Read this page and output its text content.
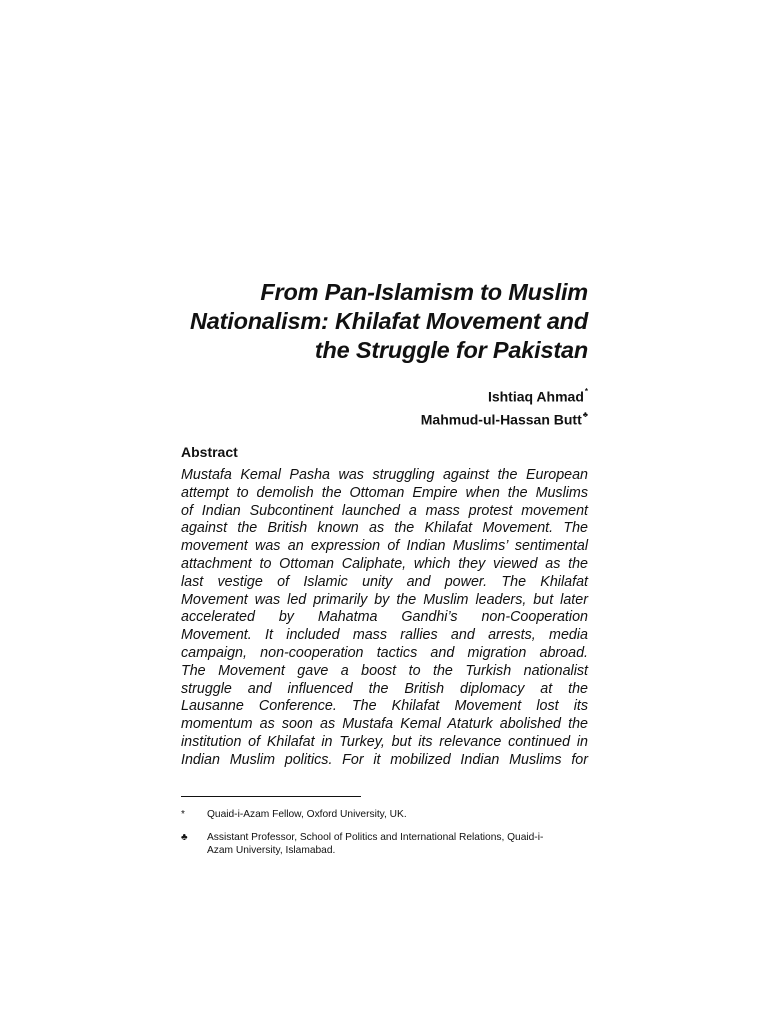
From Pan-Islamism to Muslim
Nationalism: Khilafat Movement and
the Struggle for Pakistan
Ishtiaq Ahmad*
Mahmud-ul-Hassan Butt♣
Abstract
Mustafa Kemal Pasha was struggling against the European
attempt to demolish the Ottoman Empire when the Muslims
of Indian Subcontinent launched a mass protest movement
against the British known as the Khilafat Movement. The
movement was an expression of Indian Muslims’ sentimental
attachment to Ottoman Caliphate, which they viewed as the
last vestige of Islamic unity and power. The Khilafat
Movement was led primarily by the Muslim leaders, but later
accelerated by Mahatma Gandhi’s non-Cooperation
Movement. It included mass rallies and arrests, media
campaign, non-cooperation tactics and migration abroad.
The Movement gave a boost to the Turkish nationalist
struggle and influenced the British diplomacy at the
Lausanne Conference. The Khilafat Movement lost its
momentum as soon as Mustafa Kemal Ataturk abolished the
institution of Khilafat in Turkey, but its relevance continued in
Indian Muslim politics. For it mobilized Indian Muslims for
*	Quaid-i-Azam Fellow, Oxford University, UK.
♣	Assistant Professor, School of Politics and International Relations, Quaid-i-
Azam University, Islamabad.
